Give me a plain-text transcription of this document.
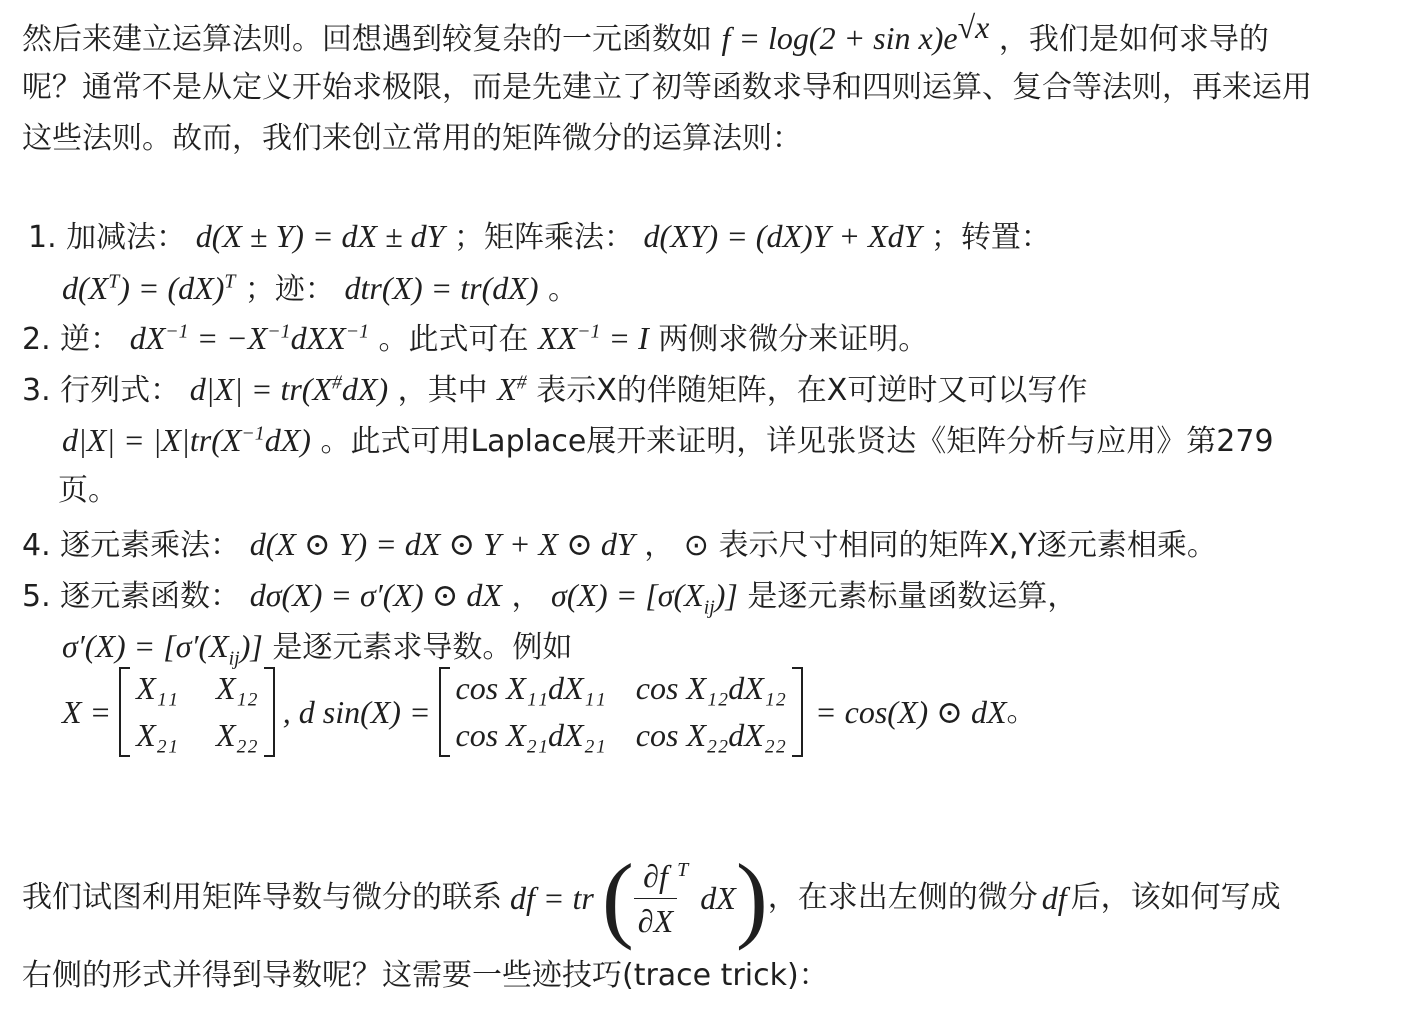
然后来建立运算法则。回想遇到较复杂的一元函数如 $f = \log(2 + \sin x)e^{√x}$ ，我们是如何求导的
呢？通常不是从定义开始求极限，而是先建立了初等函数求导和四则运算、复合等法则，再来运用
这些法则。故而，我们来创立常用的矩阵微分的运算法则：
1. 加减法： d(X ± Y) = dX ± dY ；矩阵乘法： d(XY) = (dX)Y + XdY ；转置：
$d(X^T) = (dX)^T$ ；迹： dtr(X) = tr(dX) 。
2. 逆： $dX^{-1} = -X^{-1}dXX^{-1}$ 。此式可在 $XX^{-1} = I$ 两侧求微分来证明。
3. 行列式： d|X| = tr(X#dX) ，其中 X# 表示X的伴随矩阵，在X可逆时又可以写作
$d|X| = |X|tr(X^{-1}dX)$ 。此式可用Laplace展开来证明，详见张贤达《矩阵分析与应用》第279
页。
4. 逐元素乘法： d(X ⊙ Y) = dX ⊙ Y + X ⊙ dY ， ⊙ 表示尺寸相同的矩阵X,Y逐元素相乘。
5. 逐元素函数： dσ(X) = σ′(X) ⊙ dX ， $\sigma(X) = [\sigma(X_{ij})]$ 是逐元素标量函数运算，
$\sigma'(X) = [\sigma'(X_{ij})]$ 是逐元素求导数。例如
X =
X₁₁ X₁₂
X₂₁ X₂₂
, d sin(X) =
cos X₁₁dX₁₁ cos X₁₂dX₁₂
cos X₂₁dX₂₁ cos X₂₂dX₂₂
= cos(X) ⊙ dX 。
我们试图利用矩阵导数与微分的联系 df = tr ( $\frac{\partial f}{\partial X}^T$
dX ) ，在求出左侧的微分 df 后，该如何写成
右侧的形式并得到导数呢？这需要一些迹技巧(trace trick)：
